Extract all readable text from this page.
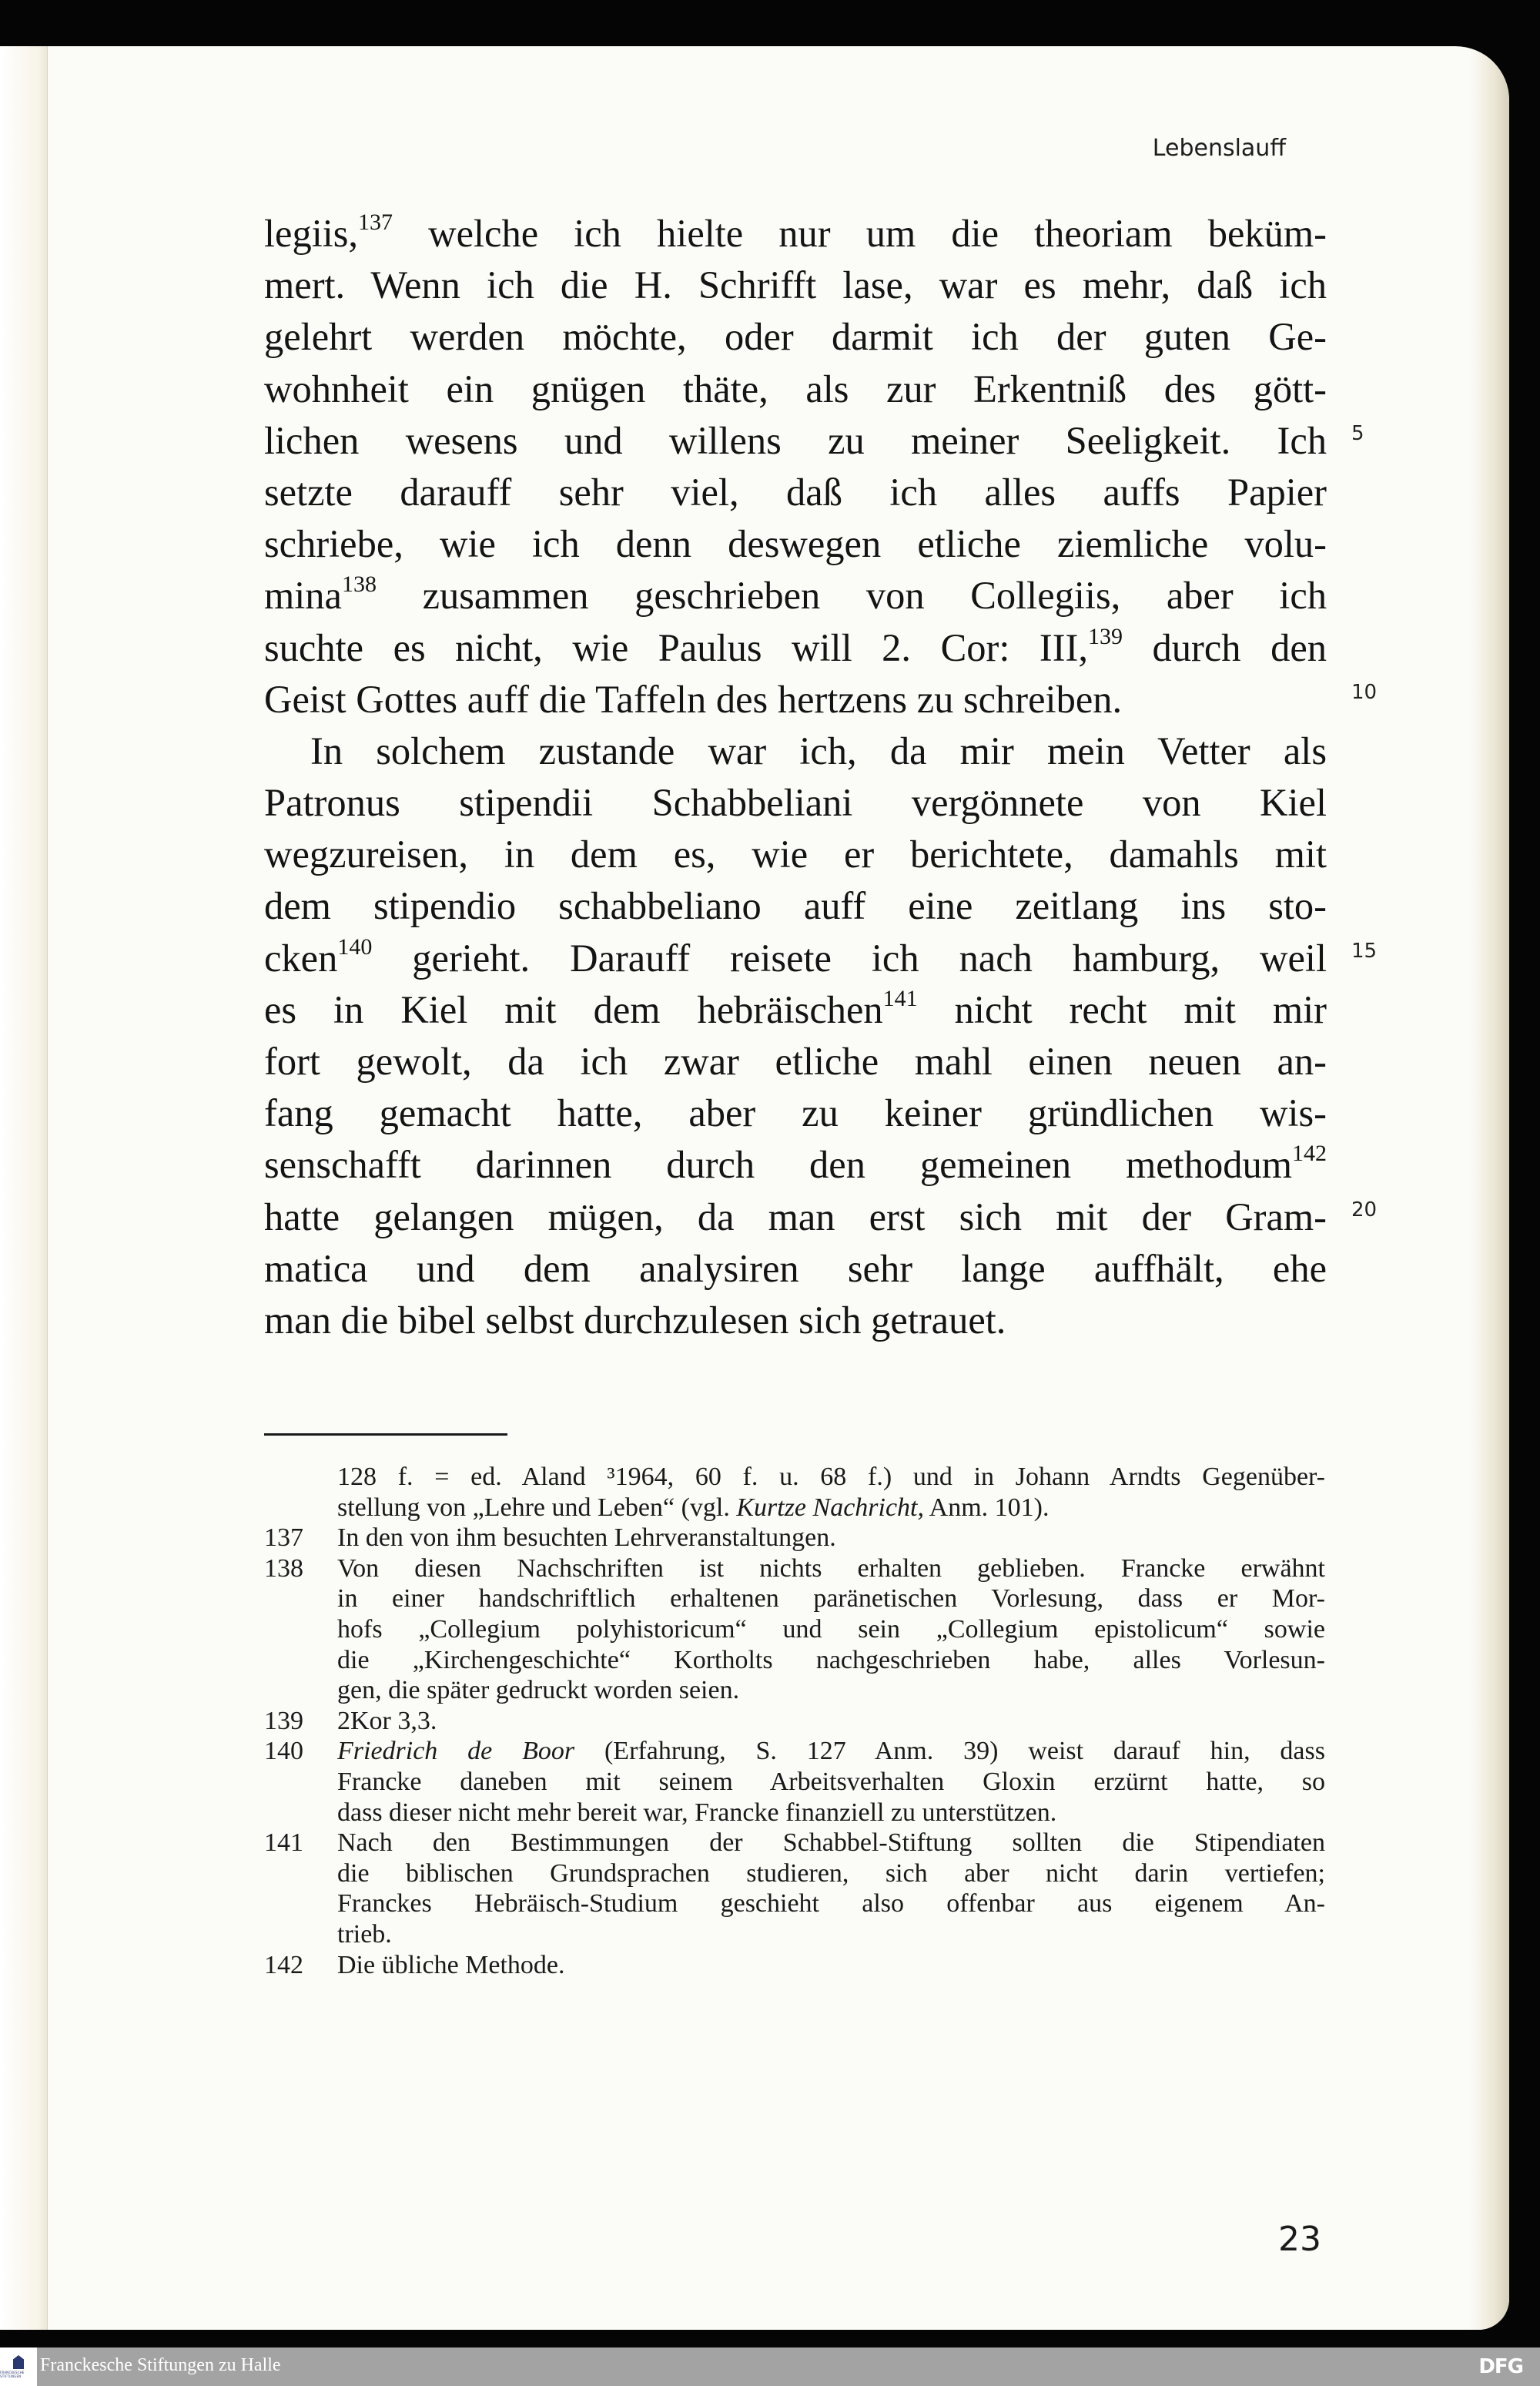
Lebenslauff
legiis,$^{137}$ welche ich hielte nur um die theoriam beküm-
mert. Wenn ich die H. Schrifft lase, war es mehr, daß ich
gelehrt werden möchte, oder darmit ich der guten Ge-
wohnheit ein gnügen thäte, als zur Erkentniß des gött-
lichen wesens und willens zu meiner Seeligkeit. Ich
setzte darauff sehr viel, daß ich alles auffs Papier
schriebe, wie ich denn deswegen etliche ziemliche volu-
mina$^{138}$ zusammen geschrieben von Collegiis, aber ich
suchte es nicht, wie Paulus will 2. Cor: III,$^{139}$ durch den
Geist Gottes auff die Taffeln des hertzens zu schreiben.
In solchem zustande war ich, da mir mein Vetter als
Patronus stipendii Schabbeliani vergönnete von Kiel
wegzureisen, in dem es, wie er berichtete, damahls mit
dem stipendio schabbeliano auff eine zeitlang ins sto-
cken$^{140}$ gerieht. Darauff reisete ich nach hamburg, weil
es in Kiel mit dem hebräischen$^{141}$ nicht recht mit mir
fort gewolt, da ich zwar etliche mahl einen neuen an-
fang gemacht hatte, aber zu keiner gründlichen wis-
senschafft darinnen durch den gemeinen methodum$^{142}$
hatte gelangen mügen, da man erst sich mit der Gram-
matica und dem analysiren sehr lange auffhält, ehe
man die bibel selbst durchzulesen sich getrauet.
5
10
15
20
128 f. = ed. Aland ³1964, 60 f. u. 68 f.) und in Johann Arndts Gegenüber-
stellung von „Lehre und Leben“ (vgl. Kurtze Nachricht, Anm. 101).
137 In den von ihm besuchten Lehrveranstaltungen.
138 Von diesen Nachschriften ist nichts erhalten geblieben. Francke erwähnt
in einer handschriftlich erhaltenen paränetischen Vorlesung, dass er Mor-
hofs „Collegium polyhistoricum“ und sein „Collegium epistolicum“ sowie
die „Kirchengeschichte“ Kortholts nachgeschrieben habe, alles Vorlesun-
gen, die später gedruckt worden seien.
139 2Kor 3,3.
140 Friedrich de Boor (Erfahrung, S. 127 Anm. 39) weist darauf hin, dass
Francke daneben mit seinem Arbeitsverhalten Gloxin erzürnt hatte, so
dass dieser nicht mehr bereit war, Francke finanziell zu unterstützen.
141 Nach den Bestimmungen der Schabbel-Stiftung sollten die Stipendiaten
die biblischen Grundsprachen studieren, sich aber nicht darin vertiefen;
Franckes Hebräisch-Studium geschieht also offenbar aus eigenem An-
trieb.
142 Die übliche Methode.
23
FRANCKESCHE STIFTUNGEN
Franckesche Stiftungen zu Halle	DFG
